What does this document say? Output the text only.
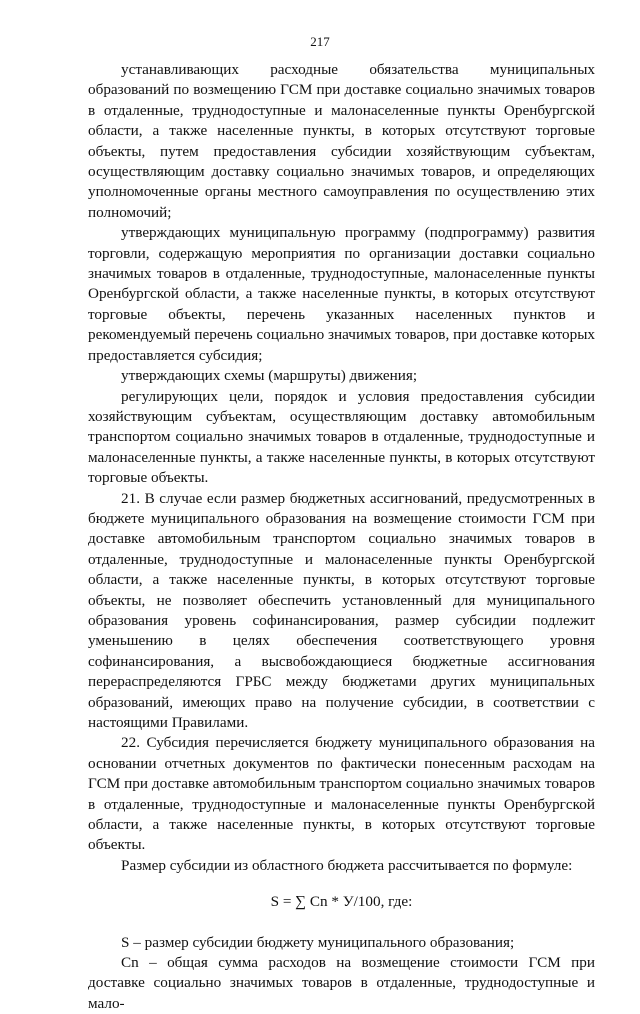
217

устанавливающих расходные обязательства муниципальных образований по возмещению ГСМ при доставке социально значимых товаров в отдаленные, труднодоступные и малонаселенные пункты Оренбургской области, а также населенные пункты, в которых отсутствуют торговые объекты, путем предоставления субсидии хозяйствующим субъектам, осуществляющим доставку социально значимых товаров, и определяющих уполномоченные органы местного самоуправления по осуществлению этих полномочий;

утверждающих муниципальную программу (подпрограмму) развития торговли, содержащую мероприятия по организации доставки социально значимых товаров в отдаленные, труднодоступные, малонаселенные пункты Оренбургской области, а также населенные пункты, в которых отсутствуют торговые объекты, перечень указанных населенных пунктов и рекомендуемый перечень социально значимых товаров, при доставке которых предоставляется субсидия;

утверждающих схемы (маршруты) движения;

регулирующих цели, порядок и условия предоставления субсидии хозяйствующим субъектам, осуществляющим доставку автомобильным транспортом социально значимых товаров в отдаленные, труднодоступные и малонаселенные пункты, а также населенные пункты, в которых отсутствуют торговые объекты.

21. В случае если размер бюджетных ассигнований, предусмотренных в бюджете муниципального образования на возмещение стоимости ГСМ при доставке автомобильным транспортом социально значимых товаров в отдаленные, труднодоступные и малонаселенные пункты Оренбургской области, а также населенные пункты, в которых отсутствуют торговые объекты, не позволяет обеспечить установленный для муниципального образования уровень софинансирования, размер субсидии подлежит уменьшению в целях обеспечения соответствующего уровня софинансирования, а высвобождающиеся бюджетные ассигнования перераспределяются ГРБС между бюджетами других муниципальных образований, имеющих право на получение субсидии, в соответствии с настоящими Правилами.

22. Субсидия перечисляется бюджету муниципального образования на основании отчетных документов по фактически понесенным расходам на ГСМ при доставке автомобильным транспортом социально значимых товаров в отдаленные, труднодоступные и малонаселенные пункты Оренбургской области, а также населенные пункты, в которых отсутствуют торговые объекты.

Размер субсидии из областного бюджета рассчитывается по формуле:

S = ∑ Сn * У/100, где:

S – размер субсидии бюджету муниципального образования;

Сn – общая сумма расходов на возмещение стоимости ГСМ при доставке социально значимых товаров в отдаленные, труднодоступные и мало-
